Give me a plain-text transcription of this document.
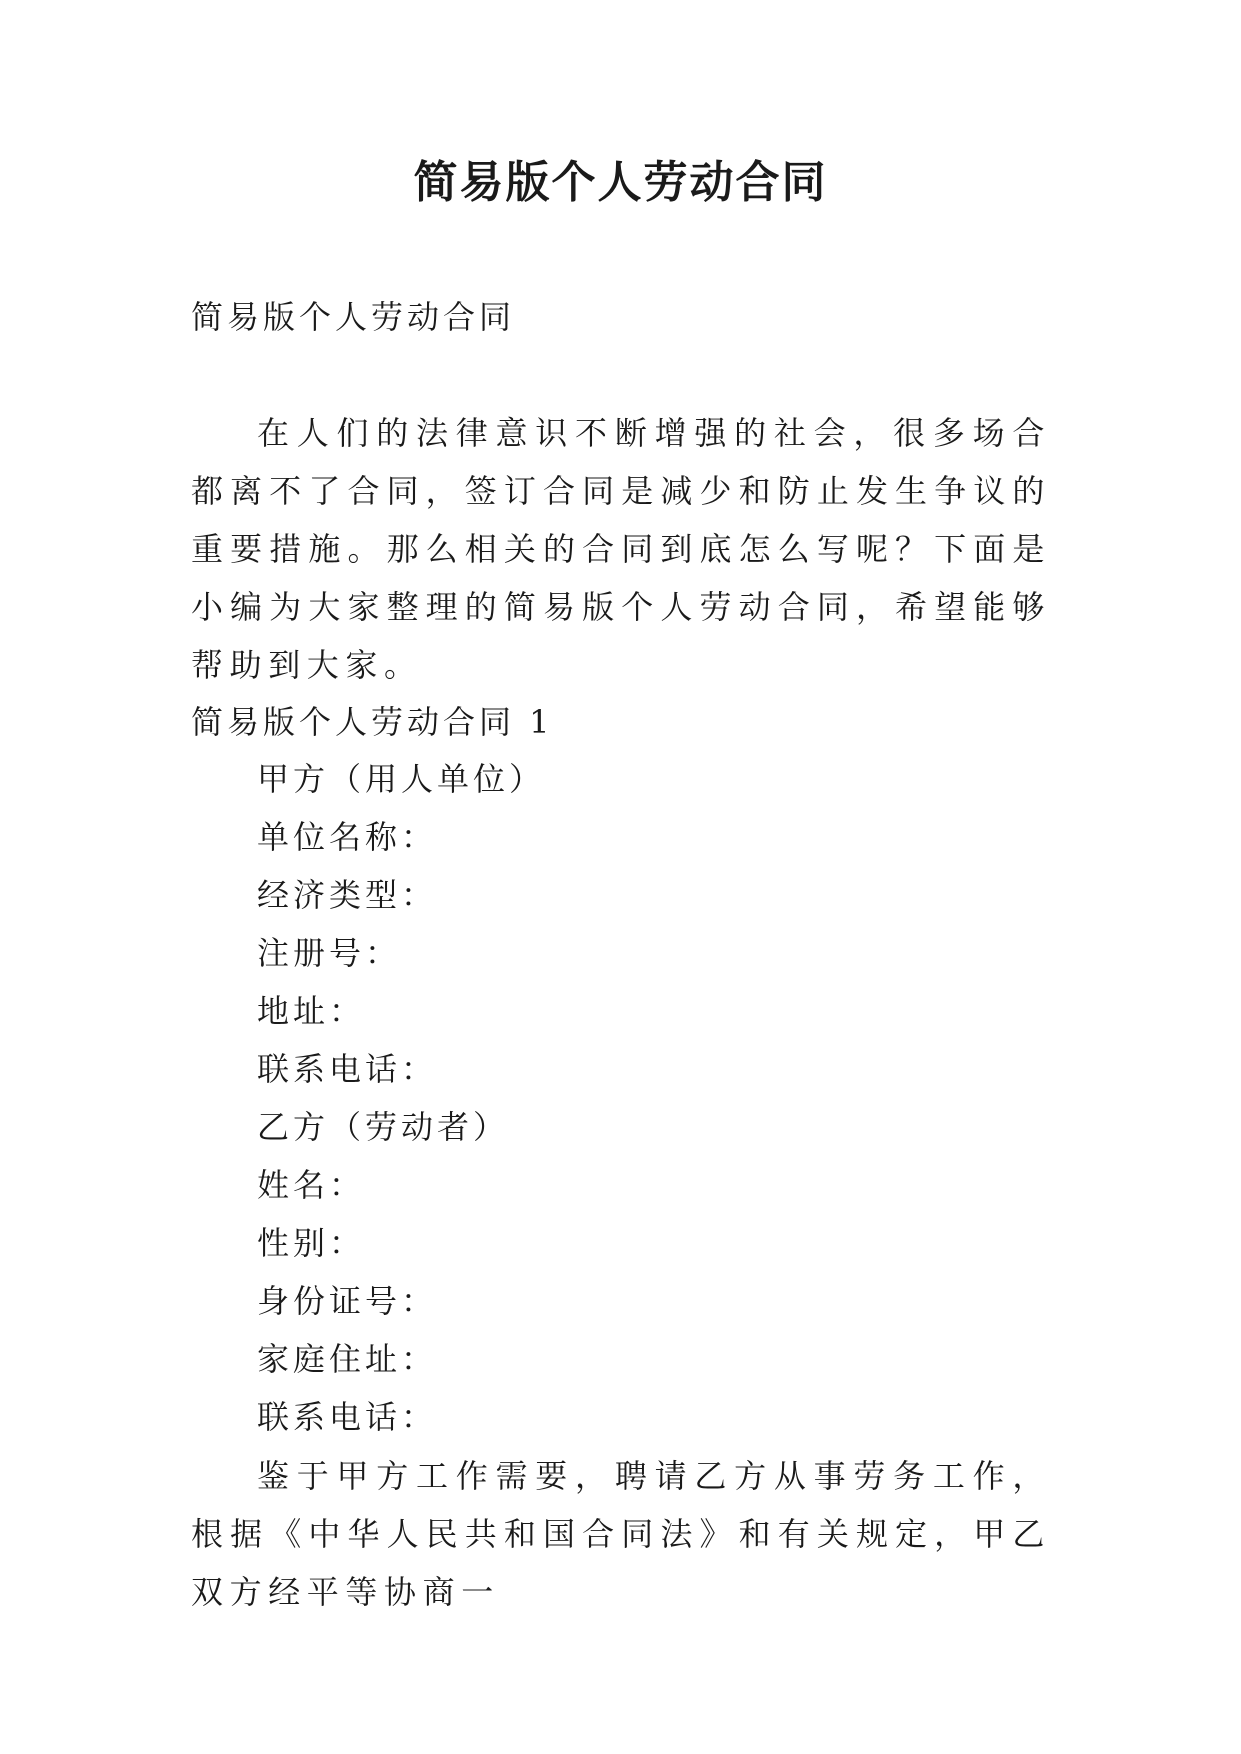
简易版个人劳动合同
简易版个人劳动合同
在人们的法律意识不断增强的社会，很多场合都离不了合同，签订合同是减少和防止发生争议的重要措施。那么相关的合同到底怎么写呢？下面是小编为大家整理的简易版个人劳动合同，希望能够帮助到大家。
简易版个人劳动合同 1
甲方（用人单位）
单位名称：
经济类型：
注册号：
地址：
联系电话：
乙方（劳动者）
姓名：
性别：
身份证号：
家庭住址：
联系电话：
鉴于甲方工作需要，聘请乙方从事劳务工作，根据《中华人民共和国合同法》和有关规定，甲乙双方经平等协商一
